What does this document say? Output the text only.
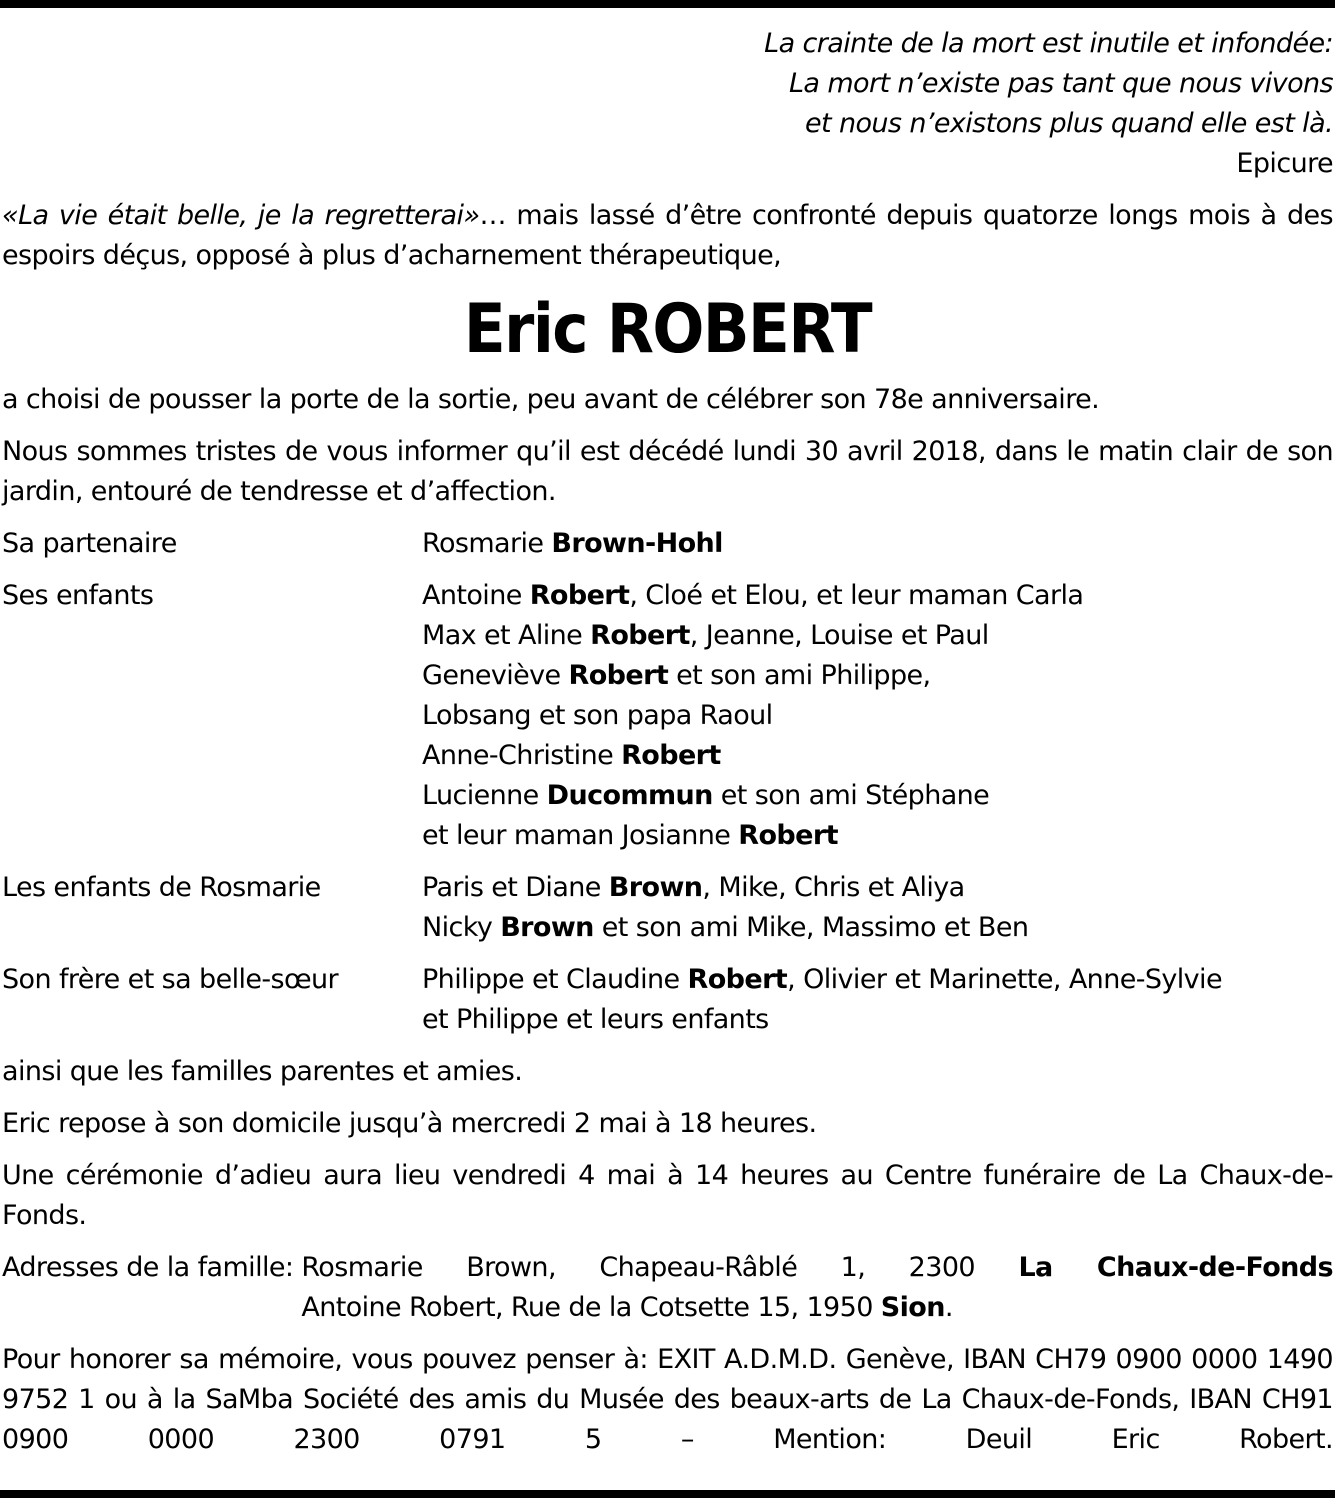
La crainte de la mort est inutile et infondée:
La mort n’existe pas tant que nous vivons
et nous n’existons plus quand elle est là.
Epicure

«La vie était belle, je la regretterai»… mais lassé d’être confronté depuis quatorze longs mois à des espoirs déçus, opposé à plus d’acharnement thérapeutique,

Eric ROBERT

a choisi de pousser la porte de la sortie, peu avant de célébrer son 78e anniversaire.

Nous sommes tristes de vous informer qu’il est décédé lundi 30 avril 2018, dans le matin clair de son jardin, entouré de tendresse et d’affection.

Sa partenaire	Rosmarie Brown-Hohl
Ses enfants	Antoine Robert, Cloé et Elou, et leur maman Carla
Max et Aline Robert, Jeanne, Louise et Paul
Geneviève Robert et son ami Philippe,
Lobsang et son papa Raoul
Anne-Christine Robert
Lucienne Ducommun et son ami Stéphane
et leur maman Josianne Robert
Les enfants de Rosmarie	Paris et Diane Brown, Mike, Chris et Aliya
Nicky Brown et son ami Mike, Massimo et Ben
Son frère et sa belle-sœur	Philippe et Claudine Robert, Olivier et Marinette, Anne-Sylvie
et Philippe et leurs enfants

ainsi que les familles parentes et amies.

Eric repose à son domicile jusqu’à mercredi 2 mai à 18 heures.

Une cérémonie d’adieu aura lieu vendredi 4 mai à 14 heures au Centre funéraire de La Chaux-de-Fonds.

Adresses de la famille: Rosmarie Brown, Chapeau-Râblé 1, 2300 La Chaux-de-Fonds
Antoine Robert, Rue de la Cotsette 15, 1950 Sion.

Pour honorer sa mémoire, vous pouvez penser à: EXIT A.D.M.D. Genève, IBAN CH79 0900 0000 1490 9752 1 ou à la SaMba Société des amis du Musée des beaux-arts de La Chaux-de-Fonds, IBAN CH91 0900 0000 2300 0791 5 – Mention: Deuil Eric Robert.
